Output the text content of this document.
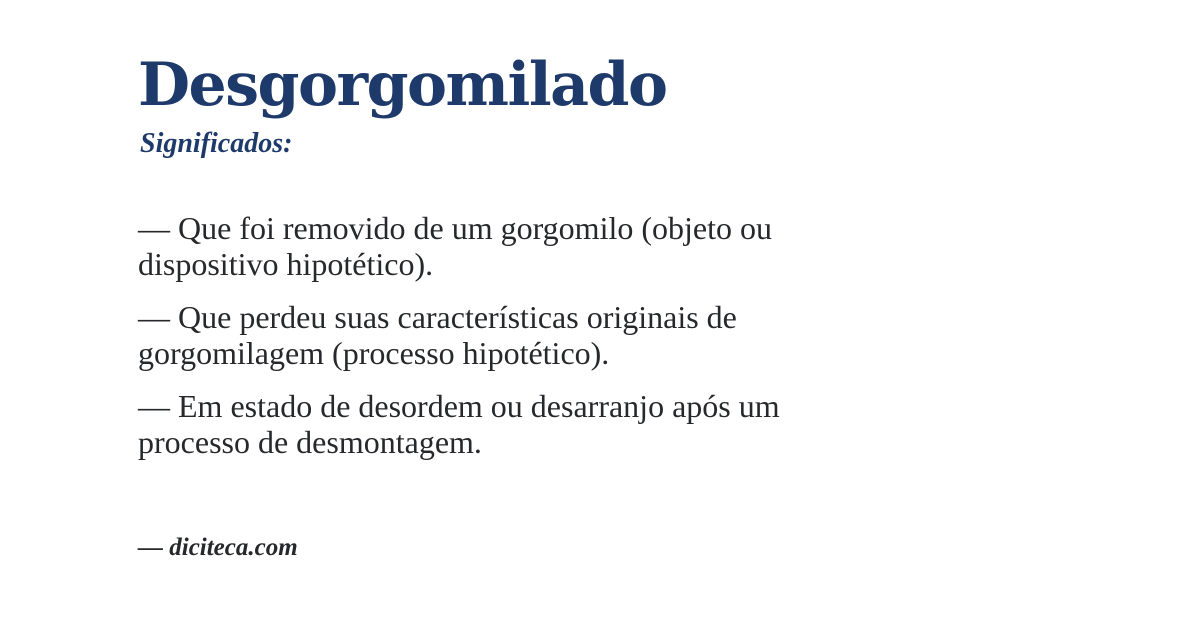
Desgorgomilado
Significados:

— Que foi removido de um gorgomilo (objeto ou dispositivo hipotético).

— Que perdeu suas características originais de gorgomilagem (processo hipotético).

— Em estado de desordem ou desarranjo após um processo de desmontagem.

— diciteca.com
